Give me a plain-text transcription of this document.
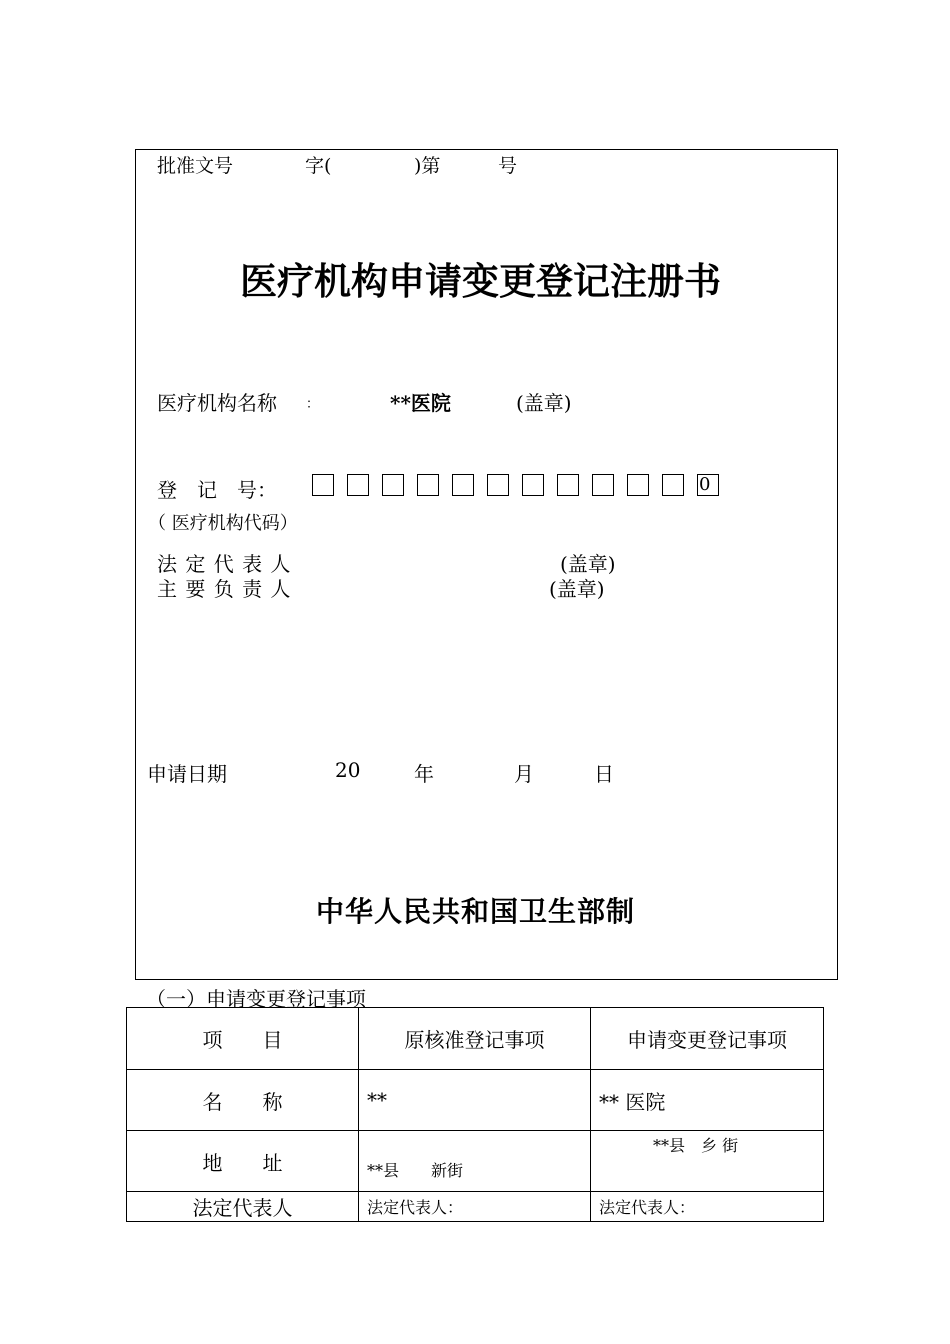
批准文号	字(	)第	号
医疗机构申请变更登记注册书
医疗机构名称 ：	**医院	(盖章)
登　记　号：
（ 医疗机构代码）
法 定 代 表 人	(盖章)
主 要 负 责 人	(盖章)
申请日期	20	年	月	日
中华人民共和国卫生部制
0
（一）申请变更登记事项
项　　目	原核准登记事项	申请变更登记事项
名　　称	**	** 医院
地　　址	**县　　新街	**县　乡 街
法定代表人	法定代表人：	法定代表人：
